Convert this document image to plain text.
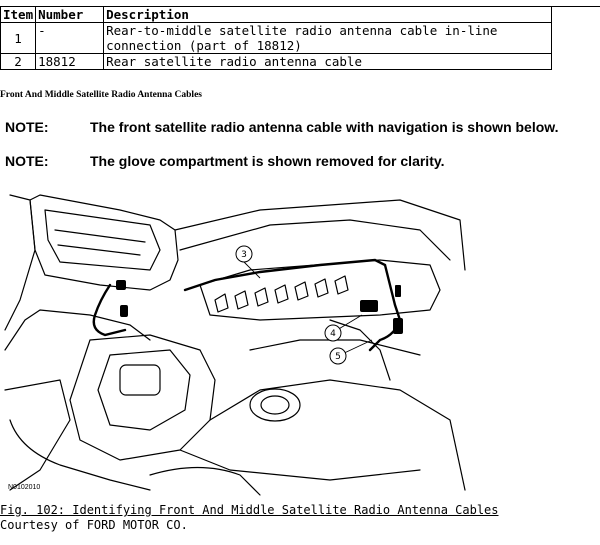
Item	Number	Description
1	-	Rear-to-middle satellite radio antenna cable in-line connection (part of 18812)
2	18812	Rear satellite radio antenna cable
Front And Middle Satellite Radio Antenna Cables
NOTE:	The front satellite radio antenna cable with navigation is shown below.
NOTE:	The glove compartment is shown removed for clarity.
3
4
5
N0102010
Fig. 102: Identifying Front And Middle Satellite Radio Antenna Cables
Courtesy of FORD MOTOR CO.
